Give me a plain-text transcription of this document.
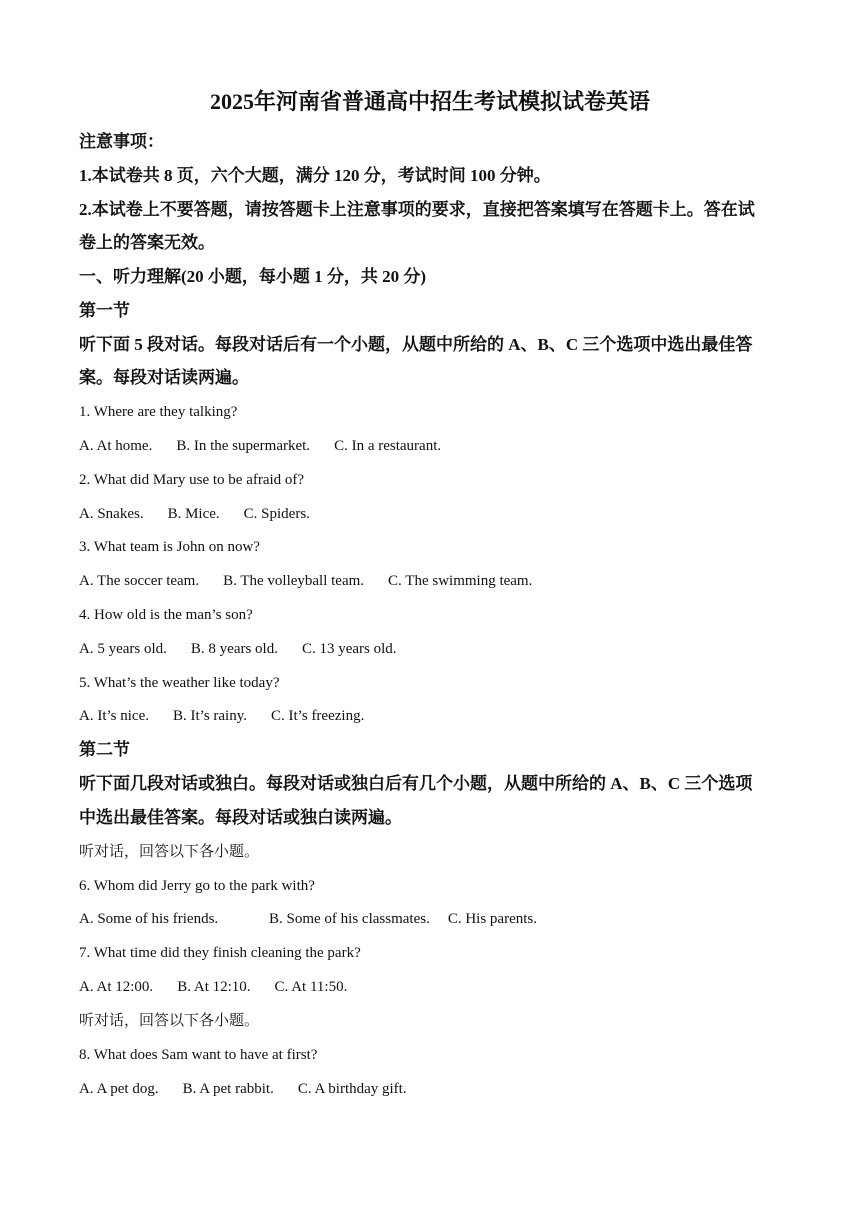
2025年河南省普通高中招生考试模拟试卷英语
注意事项：
1.本试卷共 8 页，六个大题，满分 120 分，考试时间 100 分钟。
2.本试卷上不要答题，请按答题卡上注意事项的要求，直接把答案填写在答题卡上。答在试
卷上的答案无效。
一、听力理解(20 小题，每小题 1 分，共 20 分)
第一节
听下面 5 段对话。每段对话后有一个小题，从题中所给的 A、B、C 三个选项中选出最佳答
案。每段对话读两遍。
1. Where are they talking?
A. At home. B. In the supermarket. C. In a restaurant.
2. What did Mary use to be afraid of?
A. Snakes. B. Mice. C. Spiders.
3. What team is John on now?
A. The soccer team. B. The volleyball team. C. The swimming team.
4. How old is the man’s son?
A. 5 years old. B. 8 years old. C. 13 years old.
5. What’s the weather like today?
A. It’s nice. B. It’s rainy. C. It’s freezing.
第二节
听下面几段对话或独白。每段对话或独白后有几个小题，从题中所给的 A、B、C 三个选项
中选出最佳答案。每段对话或独白读两遍。
听对话，回答以下各小题。
6. Whom did Jerry go to the park with?
A. Some of his friends.	B. Some of his classmates. C. His parents.
7. What time did they finish cleaning the park?
A. At 12:00. B. At 12:10. C. At 11:50.
听对话，回答以下各小题。
8. What does Sam want to have at first?
A. A pet dog. B. A pet rabbit. C. A birthday gift.
